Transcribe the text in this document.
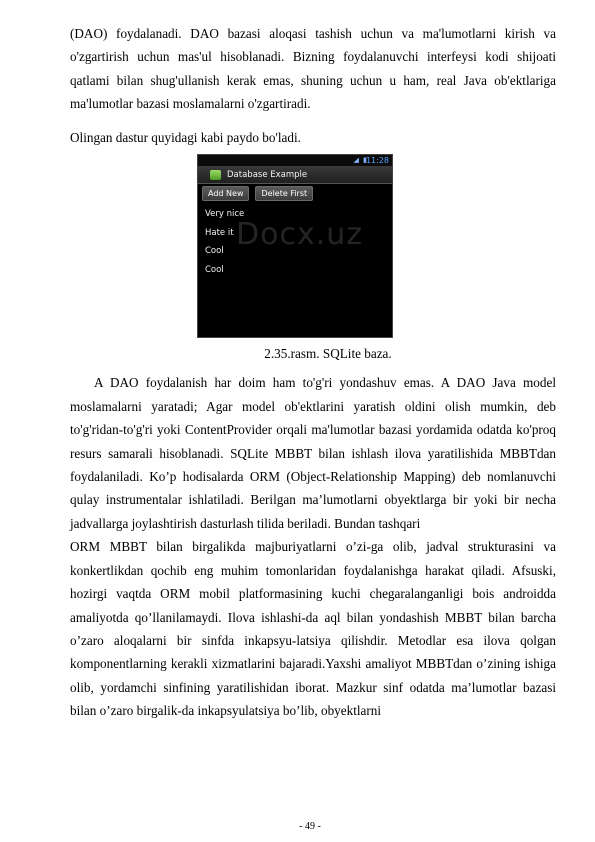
(DAO) foydalanadi. DAO bazasi aloqasi tashish uchun va ma'lumotlarni kirish va o'zgartirish uchun mas'ul hisoblanadi. Bizning foydalanuvchi interfeysi kodi shijoati qatlami bilan shug'ullanish kerak emas, shuning uchun u ham, real Java ob'ektlariga ma'lumotlar bazasi moslamalarni o'zgartiradi.

Olingan dastur quyidagi kabi paydo bo'ladi.

◢ ▮
11:28
Database Example
Add New	Delete First
Very nice
Hate it
Cool
Cool
Docx.uz
2.35.rasm. SQLite baza.

A DAO foydalanish har doim ham to'g'ri yondashuv emas. A DAO Java model moslamalarni yaratadi; Agar model ob'ektlarini yaratish oldini olish mumkin, deb to'g'ridan-to'g'ri yoki ContentProvider orqali ma'lumotlar bazasi yordamida odatda ko'proq resurs samarali hisoblanadi. SQLite MBBT bilan ishlash ilova yaratilishida MBBTdan foydalaniladi. Ko’p hodisalarda ORM (Object-Relationship Mapping) deb nomlanuvchi qulay instrumentalar ishlatiladi. Berilgan ma’lumotlarni obyektlarga bir yoki bir necha jadvallarga joylashtirish dasturlash tilida beriladi. Bundan tashqari

ORM MBBT bilan birgalikda majburiyatlarni o’zi-ga olib, jadval strukturasini va konkertlikdan qochib eng muhim tomonlaridan foydalanishga harakat qiladi. Afsuski, hozirgi vaqtda ORM mobil platformasining kuchi chegaralanganligi bois androidda amaliyotda qo’llanilamaydi. Ilova ishlashi-da aql bilan yondashish MBBT bilan barcha o’zaro aloqalarni bir sinfda inkapsyu-latsiya qilishdir. Metodlar esa ilova qolgan komponentlarning kerakli xizmatlarini bajaradi.Yaxshi amaliyot MBBTdan o’zining ishiga olib, yordamchi sinfining yaratilishidan iborat. Mazkur sinf odatda ma’lumotlar bazasi bilan o’zaro birgalik-da inkapsyulatsiya bo’lib, obyektlarni

- 49 -
